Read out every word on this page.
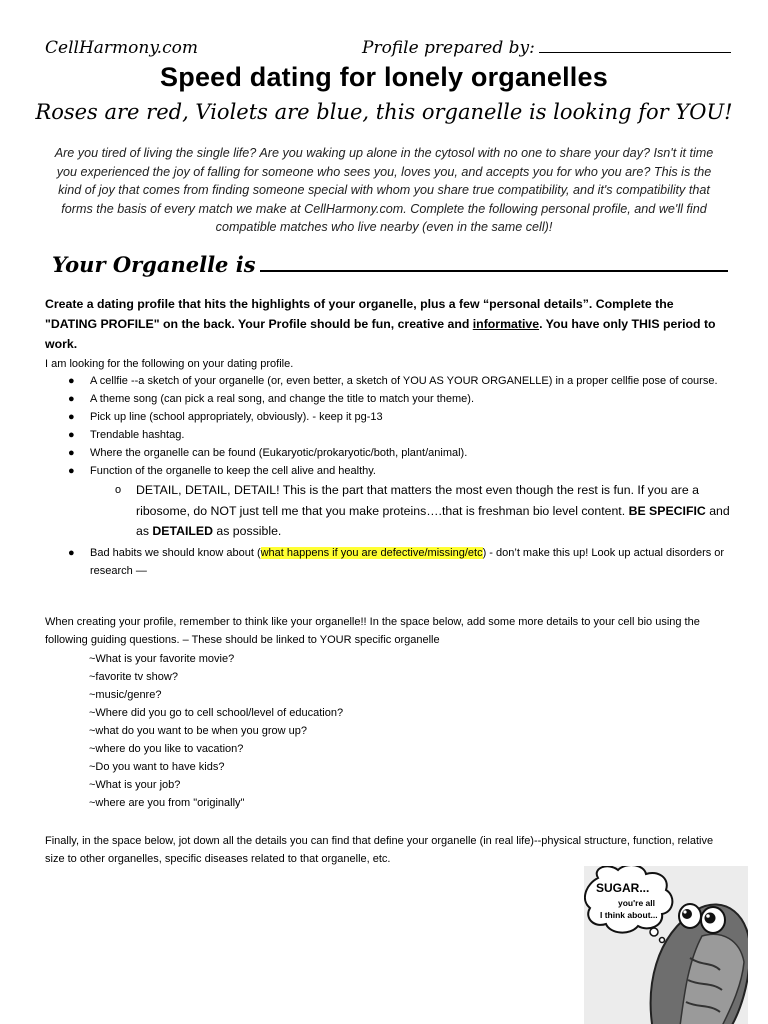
CellHarmony.com	Profile prepared by:
Speed dating for lonely organelles
Roses are red, Violets are blue, this organelle is looking for YOU!
Are you tired of living the single life? Are you waking up alone in the cytosol with no one to share your day? Isn't it time you experienced the joy of falling for someone who sees you, loves you, and accepts you for who you are? This is the kind of joy that comes from finding someone special with whom you share true compatibility, and it's compatibility that forms the basis of every match we make at CellHarmony.com. Complete the following personal profile, and we'll find compatible matches who live nearby (even in the same cell)!
Your Organelle is
Create a dating profile that hits the highlights of your organelle, plus a few “personal details”. Complete the "DATING PROFILE" on the back. Your Profile should be fun, creative and informative. You have only THIS period to work.
I am looking for the following on your dating profile.
● A cellfie --a sketch of your organelle (or, even better, a sketch of YOU AS YOUR ORGANELLE) in a proper cellfie pose of course.
● A theme song (can pick a real song, and change the title to match your theme).
● Pick up line (school appropriately, obviously). - keep it pg-13
● Trendable hashtag.
● Where the organelle can be found (Eukaryotic/prokaryotic/both, plant/animal).
● Function of the organelle to keep the cell alive and healthy.
o DETAIL, DETAIL, DETAIL! This is the part that matters the most even though the rest is fun. If you are a ribosome, do NOT just tell me that you make proteins….that is freshman bio level content. BE SPECIFIC and as DETAILED as possible.
● Bad habits we should know about (what happens if you are defective/missing/etc) - don’t make this up! Look up actual disorders or research —
When creating your profile, remember to think like your organelle!! In the space below, add some more details to your cell bio using the following guiding questions. – These should be linked to YOUR specific organelle
~What is your favorite movie?
~favorite tv show?
~music/genre?
~Where did you go to cell school/level of education?
~what do you want to be when you grow up?
~where do you like to vacation?
~Do you want to have kids?
~What is your job?
~where are you from "originally"
Finally, in the space below, jot down all the details you can find that define your organelle (in real life)--physical structure, function, relative size to other organelles, specific diseases related to that organelle, etc.
SUGAR...
you're all
I think about...
